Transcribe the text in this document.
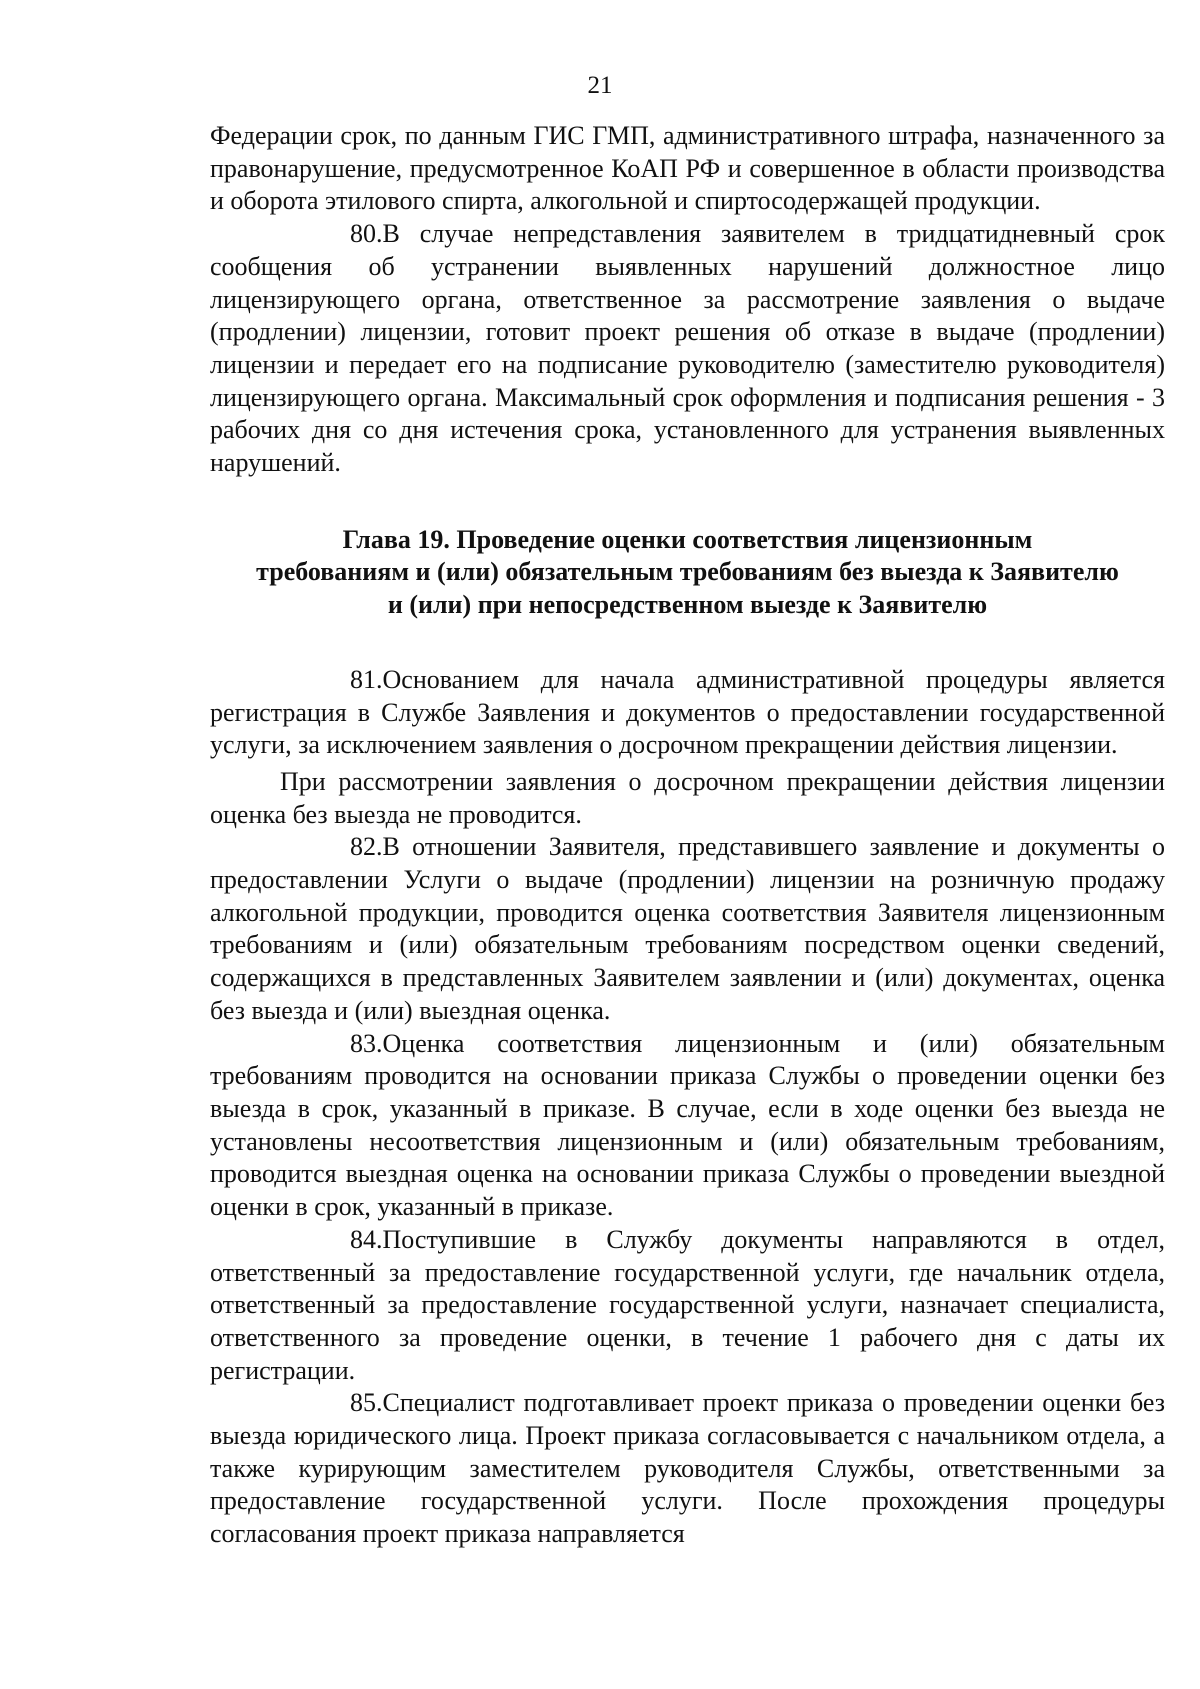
21

Федерации срок, по данным ГИС ГМП, административного штрафа, назначенного за правонарушение, предусмотренное КоАП РФ и совершенное в области производства и оборота этилового спирта, алкогольной и спиртосодержащей продукции.

80.В случае непредставления заявителем в тридцатидневный срок сообщения об устранении выявленных нарушений должностное лицо лицензирующего органа, ответственное за рассмотрение заявления о выдаче (продлении) лицензии, готовит проект решения об отказе в выдаче (продлении) лицензии и передает его на подписание руководителю (заместителю руководителя) лицензирующего органа. Максимальный срок оформления и подписания решения - 3 рабочих дня со дня истечения срока, установленного для устранения выявленных нарушений.

Глава 19. Проведение оценки соответствия лицензионным
требованиям и (или) обязательным требованиям без выезда к Заявителю
и (или) при непосредственном выезде к Заявителю

81.Основанием для начала административной процедуры является регистрация в Службе Заявления и документов о предоставлении государственной услуги, за исключением заявления о досрочном прекращении действия лицензии.

При рассмотрении заявления о досрочном прекращении действия лицензии оценка без выезда не проводится.

82.В отношении Заявителя, представившего заявление и документы о предоставлении Услуги о выдаче (продлении) лицензии на розничную продажу алкогольной продукции, проводится оценка соответствия Заявителя лицензионным требованиям и (или) обязательным требованиям посредством оценки сведений, содержащихся в представленных Заявителем заявлении и (или) документах, оценка без выезда и (или) выездная оценка.

83.Оценка соответствия лицензионным и (или) обязательным требованиям проводится на основании приказа Службы о проведении оценки без выезда в срок, указанный в приказе. В случае, если в ходе оценки без выезда не установлены несоответствия лицензионным и (или) обязательным требованиям, проводится выездная оценка на основании приказа Службы о проведении выездной оценки в срок, указанный в приказе.

84.Поступившие в Службу документы направляются в отдел, ответственный за предоставление государственной услуги, где начальник отдела, ответственный за предоставление государственной услуги, назначает специалиста, ответственного за проведение оценки, в течение 1 рабочего дня с даты их регистрации.

85.Специалист подготавливает проект приказа о проведении оценки без выезда юридического лица. Проект приказа согласовывается с начальником отдела, а также курирующим заместителем руководителя Службы, ответственными за предоставление государственной услуги. После прохождения процедуры согласования проект приказа направляется
